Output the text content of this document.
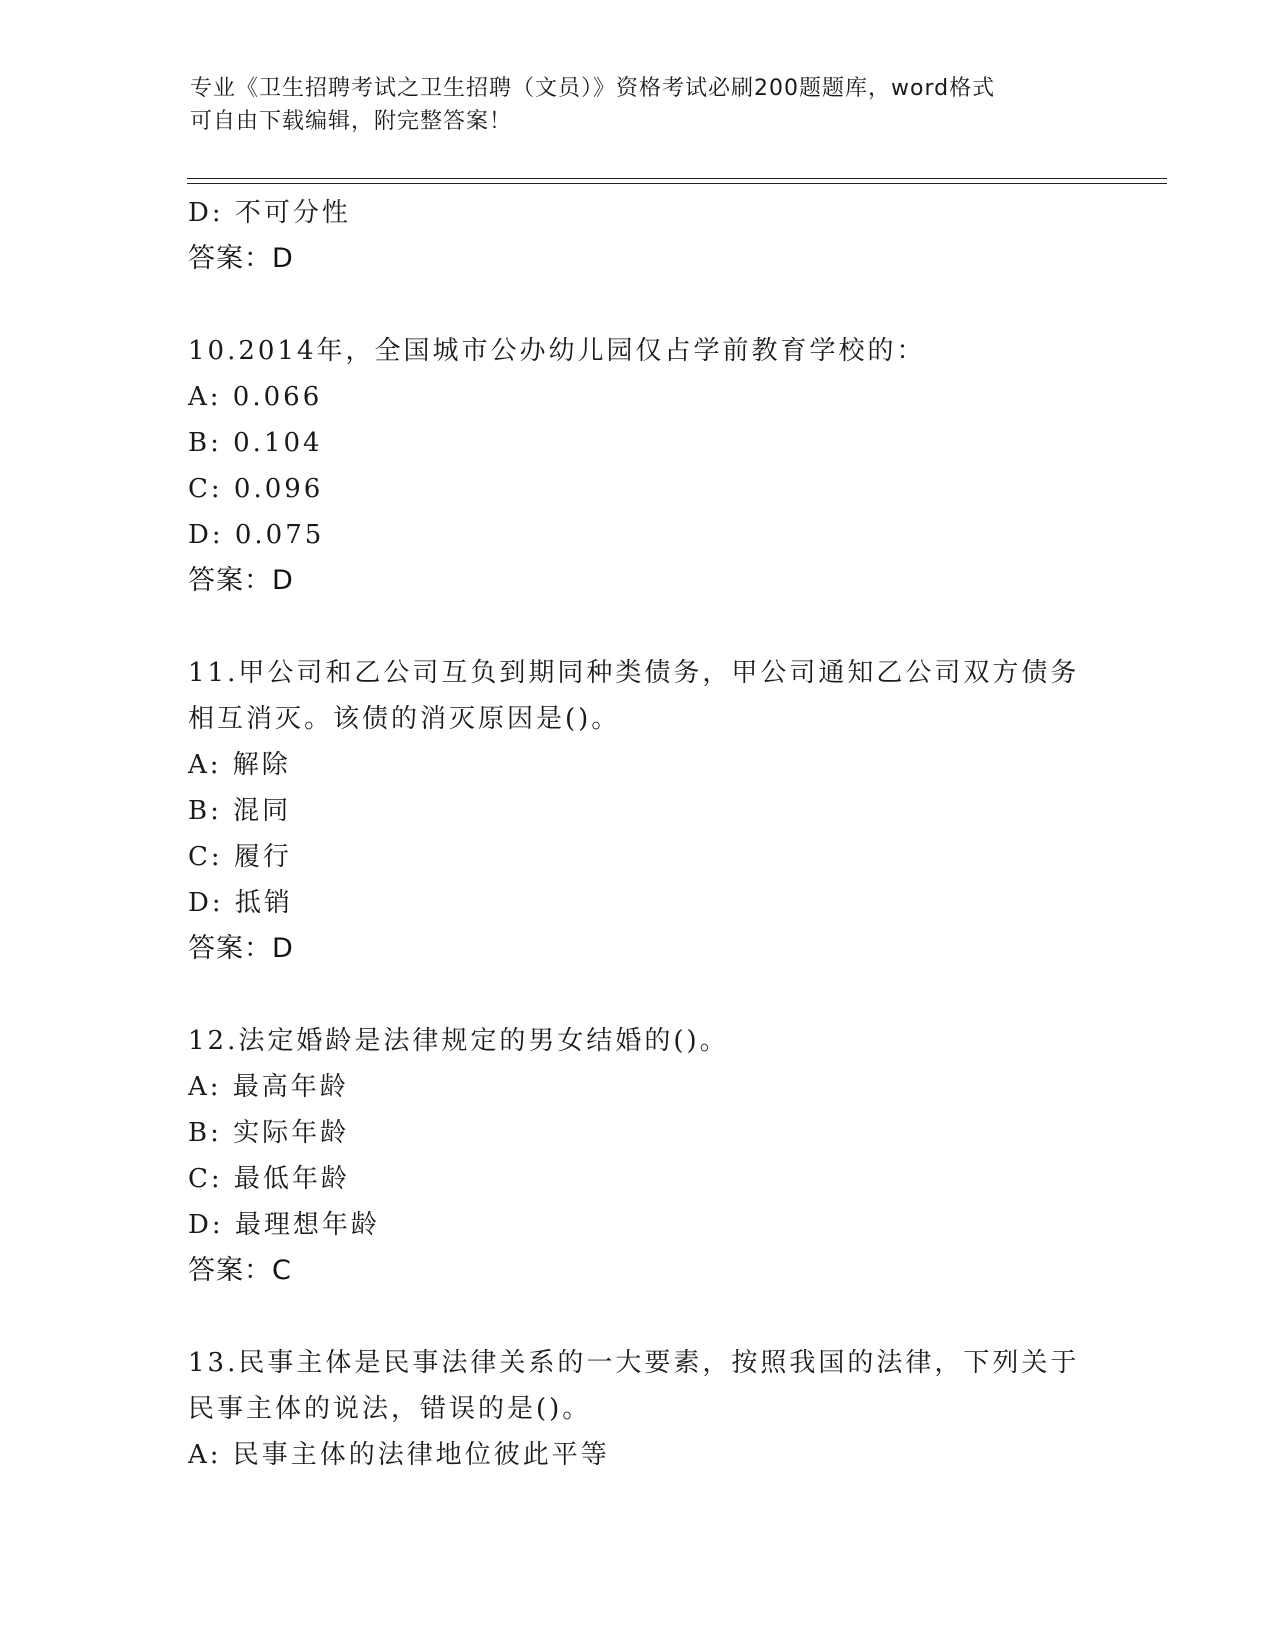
专业《卫生招聘考试之卫生招聘（文员）》资格考试必刷200题题库，word格式
可自由下载编辑，附完整答案！
D: 不可分性
答案：D
10.2014年，全国城市公办幼儿园仅占学前教育学校的：
A: 0.066
B: 0.104
C: 0.096
D: 0.075
答案：D
11.甲公司和乙公司互负到期同种类债务，甲公司通知乙公司双方债务
相互消灭。该债的消灭原因是()。
A: 解除
B: 混同
C: 履行
D: 抵销
答案：D
12.法定婚龄是法律规定的男女结婚的()。
A: 最高年龄
B: 实际年龄
C: 最低年龄
D: 最理想年龄
答案：C
13.民事主体是民事法律关系的一大要素，按照我国的法律，下列关于
民事主体的说法，错误的是()。
A: 民事主体的法律地位彼此平等
